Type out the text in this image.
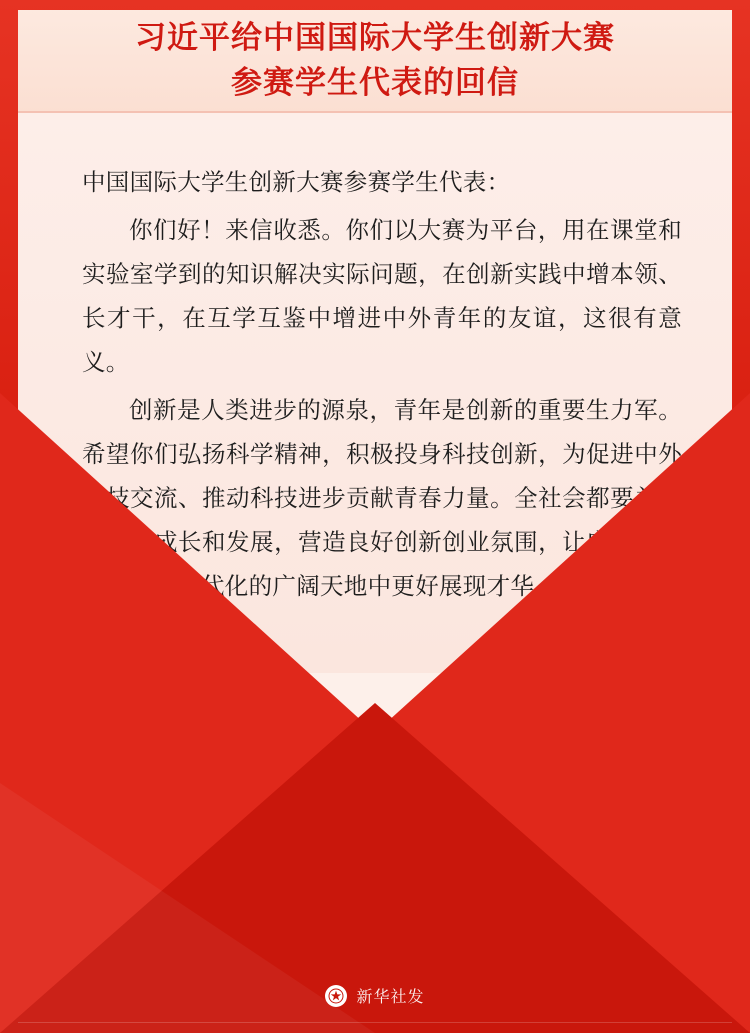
习近平给中国国际大学生创新大赛
参赛学生代表的回信

中国国际大学生创新大赛参赛学生代表：

你们好！来信收悉。你们以大赛为平台，用在课堂和实验室学到的知识解决实际问题，在创新实践中增本领、长才干，在互学互鉴中增进中外青年的友谊，这很有意义。

创新是人类进步的源泉，青年是创新的重要生力军。希望你们弘扬科学精神，积极投身科技创新，为促进中外科技交流、推动科技进步贡献青春力量。全社会都要关心青年的成长和发展，营造良好创新创业氛围，让广大青年在中国式现代化的广阔天地中更好展现才华。

习近平
2024年10月16日
新华社发
